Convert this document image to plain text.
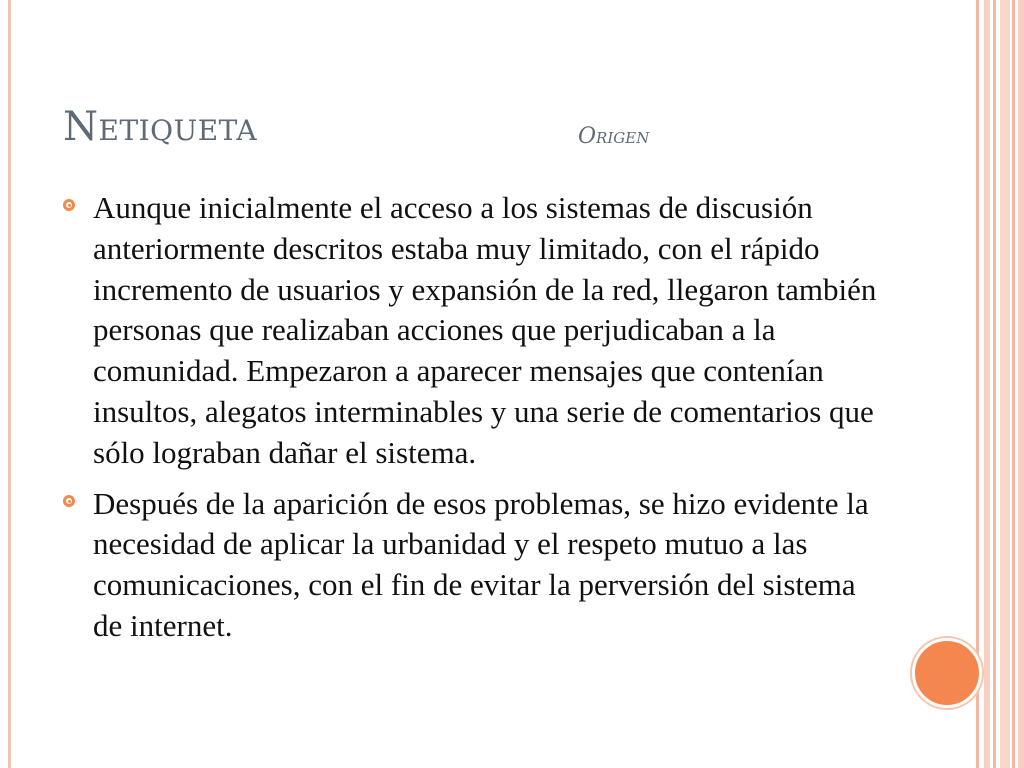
Netiqueta	Origen
Aunque inicialmente el acceso a los sistemas de discusión anteriormente descritos estaba muy limitado, con el rápido incremento de usuarios y expansión de la red, llegaron también personas que realizaban acciones que perjudicaban a la comunidad. Empezaron a aparecer mensajes que contenían insultos, alegatos interminables y una serie de comentarios que sólo lograban dañar el sistema.
Después de la aparición de esos problemas, se hizo evidente la necesidad de aplicar la urbanidad y el respeto mutuo a las comunicaciones, con el fin de evitar la perversión del sistema de internet.
